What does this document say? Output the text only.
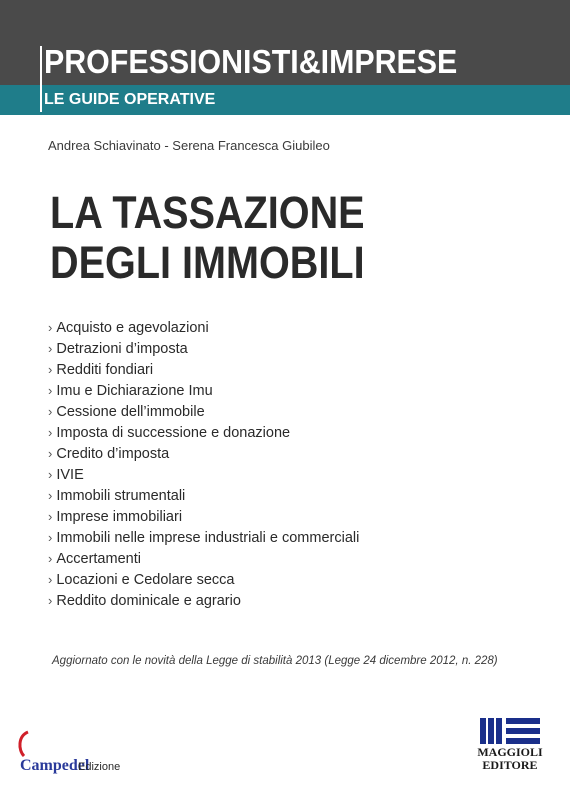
PROFESSIONISTI&IMPRESE
LE GUIDE OPERATIVE
Andrea Schiavinato - Serena Francesca Giubileo
LA TASSAZIONE
DEGLI IMMOBILI
› Acquisto e agevolazioni
› Detrazioni d’imposta
› Redditi fondiari
› Imu e Dichiarazione Imu
› Cessione dell’immobile
› Imposta di successione e donazione
› Credito d’imposta
› IVIE
› Immobili strumentali
› Imprese immobiliari
› Immobili nelle imprese industriali e commerciali
› Accertamenti
› Locazioni e Cedolare secca
› Reddito dominicale e agrario
Aggiornato con le novità della Legge di stabilità 2013 (Legge 24 dicembre 2012, n. 228)
Campedel
Edizione
MAGGIOLI
EDITORE
